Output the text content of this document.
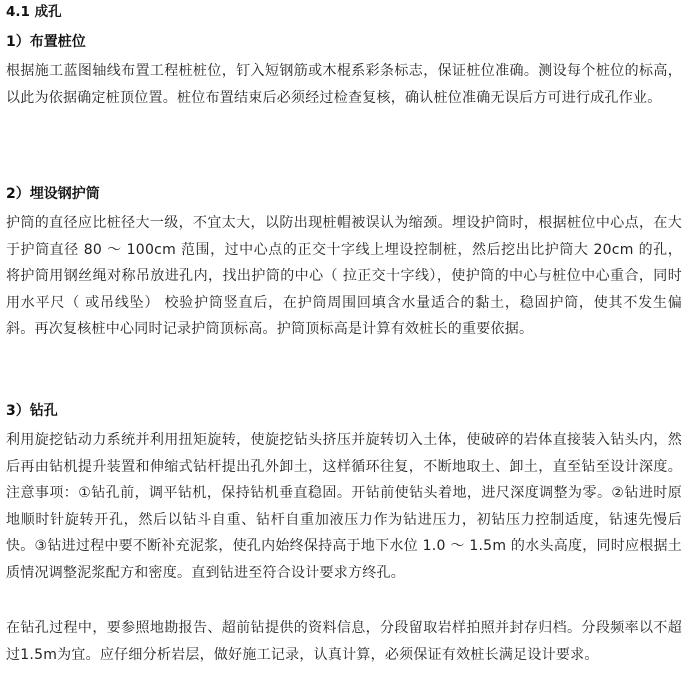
4.1 成孔
1）布置桩位

根据施工蓝图轴线布置工程桩桩位，钉入短钢筋或木棍系彩条标志，保证桩位准确。测设每个桩位的标高，以此为依据确定桩顶位置。桩位布置结束后必须经过检查复核，确认桩位准确无误后方可进行成孔作业。

2）埋设钢护筒

护筒的直径应比桩径大一级，不宜太大，以防出现桩帽被误认为缩颈。埋设护筒时，根据桩位中心点，在大于护筒直径 80 ～ 100cm 范围，过中心点的正交十字线上埋设控制桩，然后挖出比护筒大 20cm 的孔，将护筒用钢丝绳对称吊放进孔内，找出护筒的中心（ 拉正交十字线），使护筒的中心与桩位中心重合，同时用水平尺（ 或吊线坠） 校验护筒竖直后，在护筒周围回填含水量适合的黏土，稳固护筒，使其不发生偏斜。再次复核桩中心同时记录护筒顶标高。护筒顶标高是计算有效桩长的重要依据。

3）钻孔

利用旋挖钻动力系统并利用扭矩旋转，使旋挖钻头挤压并旋转切入土体，使破碎的岩体直接装入钻头内，然后再由钻机提升装置和伸缩式钻杆提出孔外卸土，这样循环往复，不断地取土、卸土，直至钻至设计深度。注意事项：①钻孔前，调平钻机，保持钻机垂直稳固。开钻前使钻头着地，进尺深度调整为零。②钻进时原地顺时针旋转开孔，然后以钻斗自重、钻杆自重加液压力作为钻进压力，初钻压力控制适度，钻速先慢后快。③钻进过程中要不断补充泥浆，使孔内始终保持高于地下水位 1.0 ～ 1.5m 的水头高度，同时应根据土质情况调整泥浆配方和密度。直到钻进至符合设计要求方终孔。

在钻孔过程中，要参照地勘报告、超前钻提供的资料信息，分段留取岩样拍照并封存归档。分段频率以不超过1.5m为宜。应仔细分析岩层，做好施工记录，认真计算，必须保证有效桩长满足设计要求。
